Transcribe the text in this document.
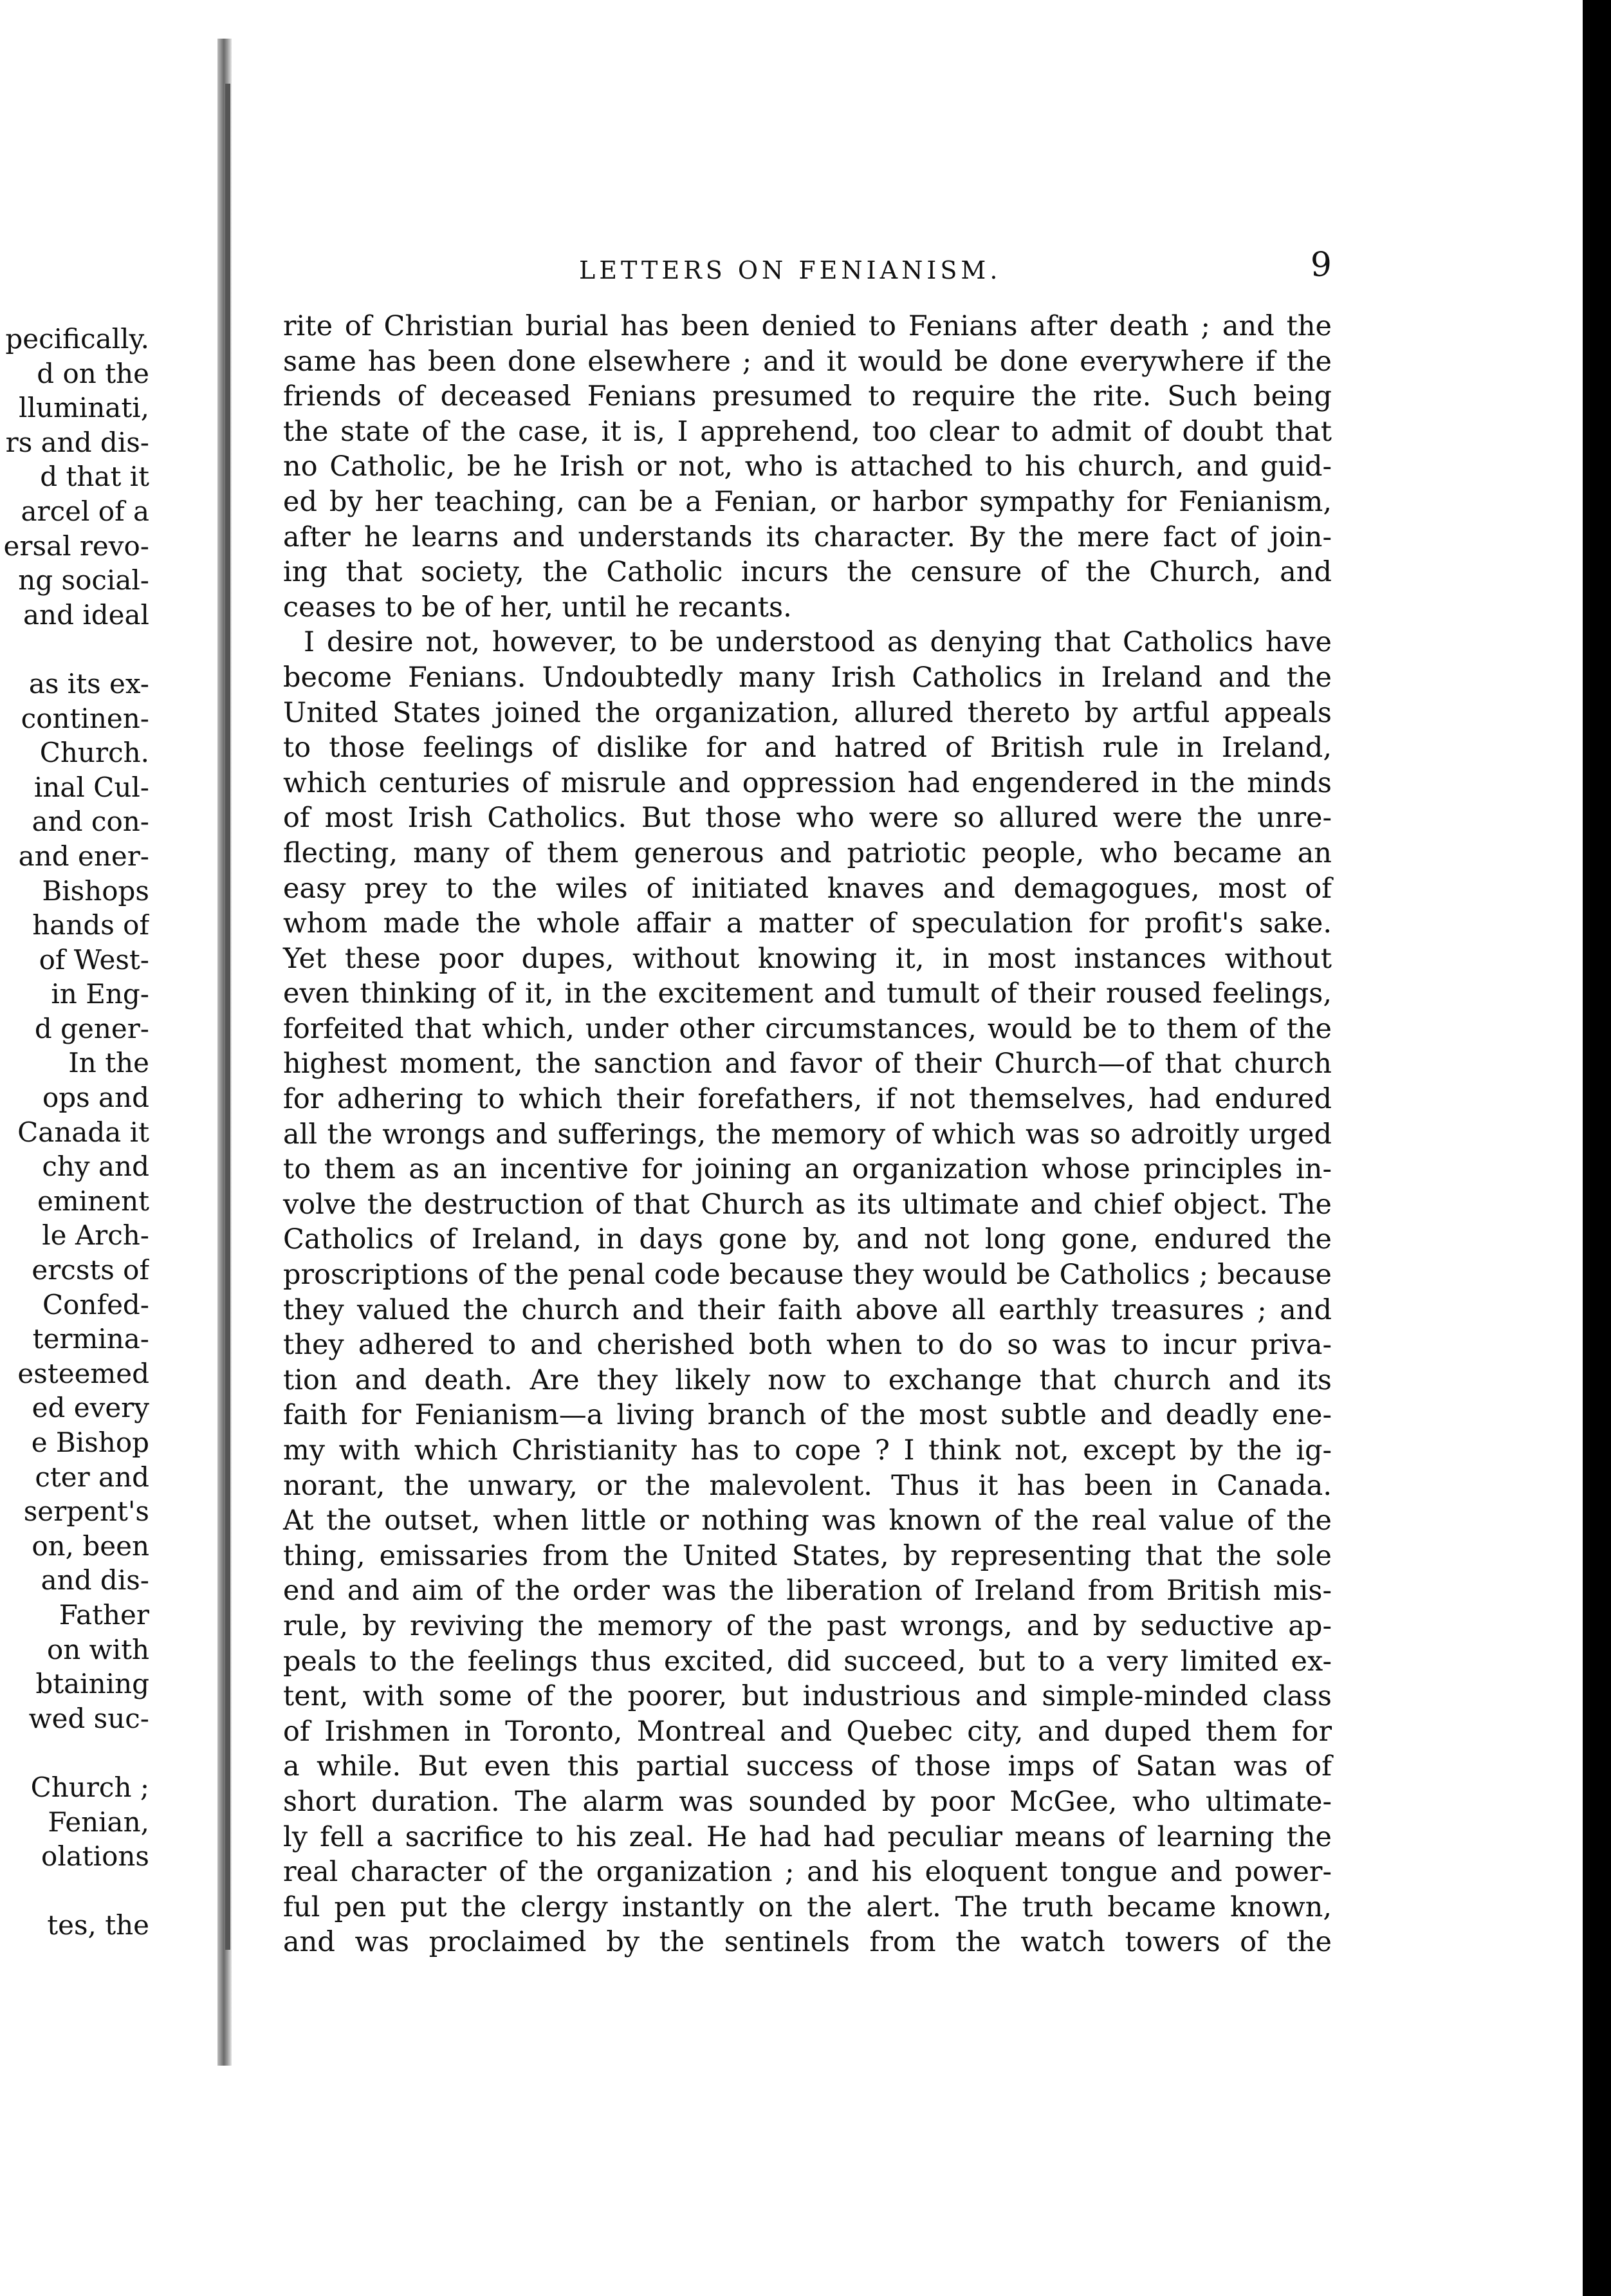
pecifically.
d on the
lluminati,
rs and dis-
d that it
arcel of a
ersal revo-
ng social-
and ideal
as its ex-
continen-
Church.
inal Cul-
and con-
and ener-
Bishops
hands of
of West-
in Eng-
d gener-
In the
ops and
Canada it
chy and
eminent
le Arch-
ercsts of
Confed-
termina-
esteemed
ed every
e Bishop
cter and
serpent's
on, been
and dis-
Father
on with
btaining
wed suc-
Church ;
Fenian,
olations
tes, the
LETTERS ON FENIANISM.	9
rite of Christian burial has been denied to Fenians after death ; and the
same has been done elsewhere ; and it would be done everywhere if the
friends of deceased Fenians presumed to require the rite. Such being
the state of the case, it is, I apprehend, too clear to admit of doubt that
no Catholic, be he Irish or not, who is attached to his church, and guid-
ed by her teaching, can be a Fenian, or harbor sympathy for Fenianism,
after he learns and understands its character. By the mere fact of join-
ing that society, the Catholic incurs the censure of the Church, and
ceases to be of her, until he recants.
I desire not, however, to be understood as denying that Catholics have
become Fenians. Undoubtedly many Irish Catholics in Ireland and the
United States joined the organization, allured thereto by artful appeals
to those feelings of dislike for and hatred of British rule in Ireland,
which centuries of misrule and oppression had engendered in the minds
of most Irish Catholics. But those who were so allured were the unre-
flecting, many of them generous and patriotic people, who became an
easy prey to the wiles of initiated knaves and demagogues, most of
whom made the whole affair a matter of speculation for profit's sake.
Yet these poor dupes, without knowing it, in most instances without
even thinking of it, in the excitement and tumult of their roused feelings,
forfeited that which, under other circumstances, would be to them of the
highest moment, the sanction and favor of their Church—of that church
for adhering to which their forefathers, if not themselves, had endured
all the wrongs and sufferings, the memory of which was so adroitly urged
to them as an incentive for joining an organization whose principles in-
volve the destruction of that Church as its ultimate and chief object. The
Catholics of Ireland, in days gone by, and not long gone, endured the
proscriptions of the penal code because they would be Catholics ; because
they valued the church and their faith above all earthly treasures ; and
they adhered to and cherished both when to do so was to incur priva-
tion and death. Are they likely now to exchange that church and its
faith for Fenianism—a living branch of the most subtle and deadly ene-
my with which Christianity has to cope ? I think not, except by the ig-
norant, the unwary, or the malevolent. Thus it has been in Canada.
At the outset, when little or nothing was known of the real value of the
thing, emissaries from the United States, by representing that the sole
end and aim of the order was the liberation of Ireland from British mis-
rule, by reviving the memory of the past wrongs, and by seductive ap-
peals to the feelings thus excited, did succeed, but to a very limited ex-
tent, with some of the poorer, but industrious and simple-minded class
of Irishmen in Toronto, Montreal and Quebec city, and duped them for
a while. But even this partial success of those imps of Satan was of
short duration. The alarm was sounded by poor McGee, who ultimate-
ly fell a sacrifice to his zeal. He had had peculiar means of learning the
real character of the organization ; and his eloquent tongue and power-
ful pen put the clergy instantly on the alert. The truth became known,
and was proclaimed by the sentinels from the watch towers of the
